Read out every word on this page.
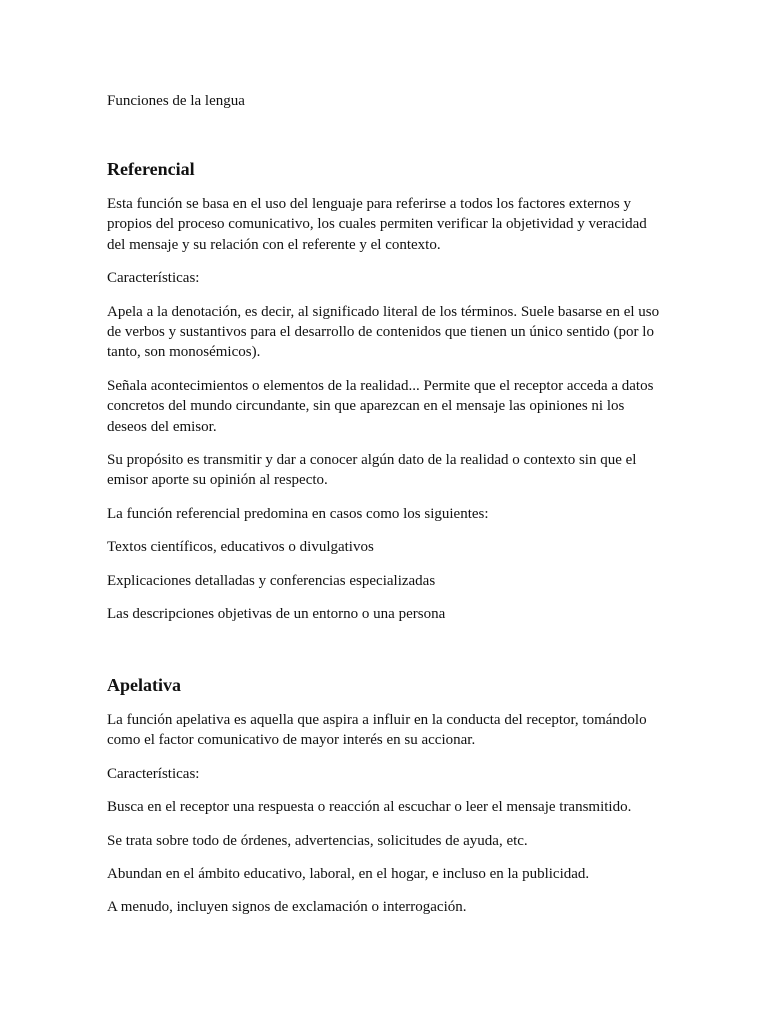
Funciones de la lengua

Referencial

Esta función se basa en el uso del lenguaje para referirse a todos los factores externos y propios del proceso comunicativo, los cuales permiten verificar la objetividad y veracidad del mensaje y su relación con el referente y el contexto.

Características:

Apela a la denotación, es decir, al significado literal de los términos. Suele basarse en el uso de verbos y sustantivos para el desarrollo de contenidos que tienen un único sentido (por lo tanto, son monosémicos).

Señala acontecimientos o elementos de la realidad... Permite que el receptor acceda a datos concretos del mundo circundante, sin que aparezcan en el mensaje las opiniones ni los deseos del emisor.

Su propósito es transmitir y dar a conocer algún dato de la realidad o contexto sin que el emisor aporte su opinión al respecto.

La función referencial predomina en casos como los siguientes:

Textos científicos, educativos o divulgativos

Explicaciones detalladas y conferencias especializadas

Las descripciones objetivas de un entorno o una persona

Apelativa

La función apelativa es aquella que aspira a influir en la conducta del receptor, tomándolo como el factor comunicativo de mayor interés en su accionar.

Características:

Busca en el receptor una respuesta o reacción al escuchar o leer el mensaje transmitido.

Se trata sobre todo de órdenes, advertencias, solicitudes de ayuda, etc.

Abundan en el ámbito educativo, laboral, en el hogar, e incluso en la publicidad.

A menudo, incluyen signos de exclamación o interrogación.
